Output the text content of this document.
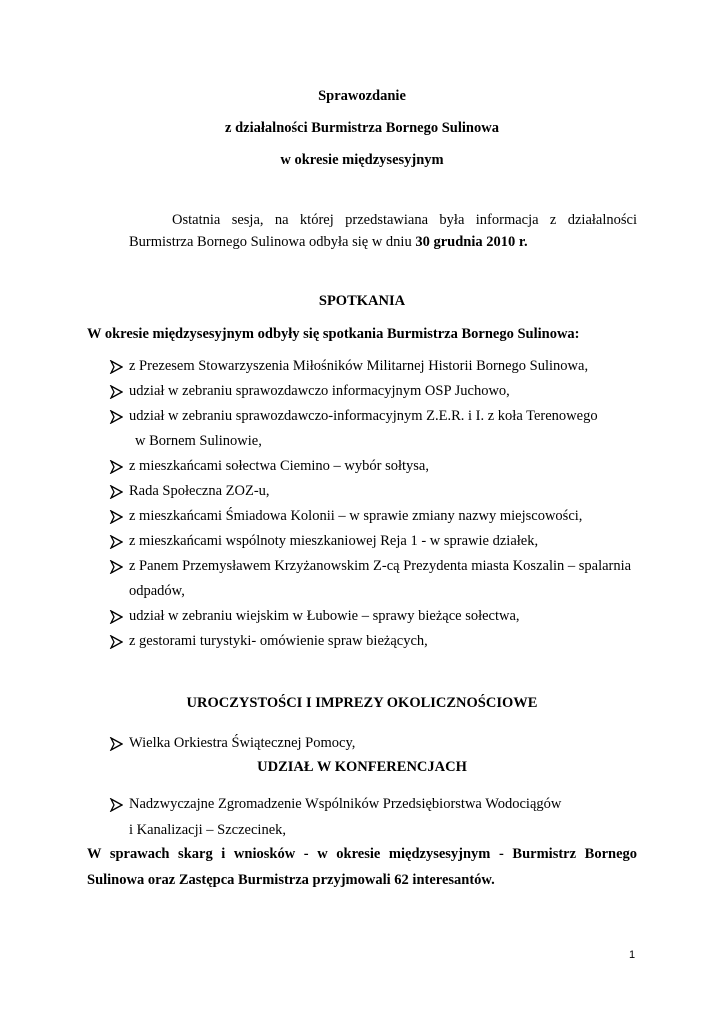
Sprawozdanie
z działalności Burmistrza Bornego Sulinowa
w okresie międzysesyjnym
Ostatnia sesja, na której przedstawiana była informacja z działalności
Burmistrza Bornego Sulinowa odbyła się w dniu 30 grudnia 2010 r.
SPOTKANIA
W okresie międzysesyjnym odbyły się spotkania Burmistrza Bornego Sulinowa:
z Prezesem Stowarzyszenia Miłośników Militarnej Historii Bornego Sulinowa,
udział w zebraniu sprawozdawczo informacyjnym OSP Juchowo,
udział w zebraniu sprawozdawczo-informacyjnym Z.E.R. i I. z koła Terenowego
w Bornem Sulinowie,
z mieszkańcami sołectwa Ciemino – wybór sołtysa,
Rada Społeczna ZOZ-u,
z mieszkańcami Śmiadowa Kolonii – w sprawie zmiany nazwy miejscowości,
z mieszkańcami wspólnoty mieszkaniowej Reja 1 - w sprawie działek,
z Panem Przemysławem Krzyżanowskim Z-cą Prezydenta miasta Koszalin – spalarnia
odpadów,
udział w zebraniu wiejskim w Łubowie – sprawy bieżące sołectwa,
z gestorami turystyki- omówienie spraw bieżących,
UROCZYSTOŚCI I IMPREZY OKOLICZNOŚCIOWE
Wielka Orkiestra Świątecznej Pomocy,
UDZIAŁ W KONFERENCJACH
Nadzwyczajne Zgromadzenie Wspólników Przedsiębiorstwa Wodociągów
i Kanalizacji – Szczecinek,
W sprawach skarg i wniosków - w okresie międzysesyjnym - Burmistrz Bornego
Sulinowa oraz Zastępca Burmistrza przyjmowali 62 interesantów.
1
